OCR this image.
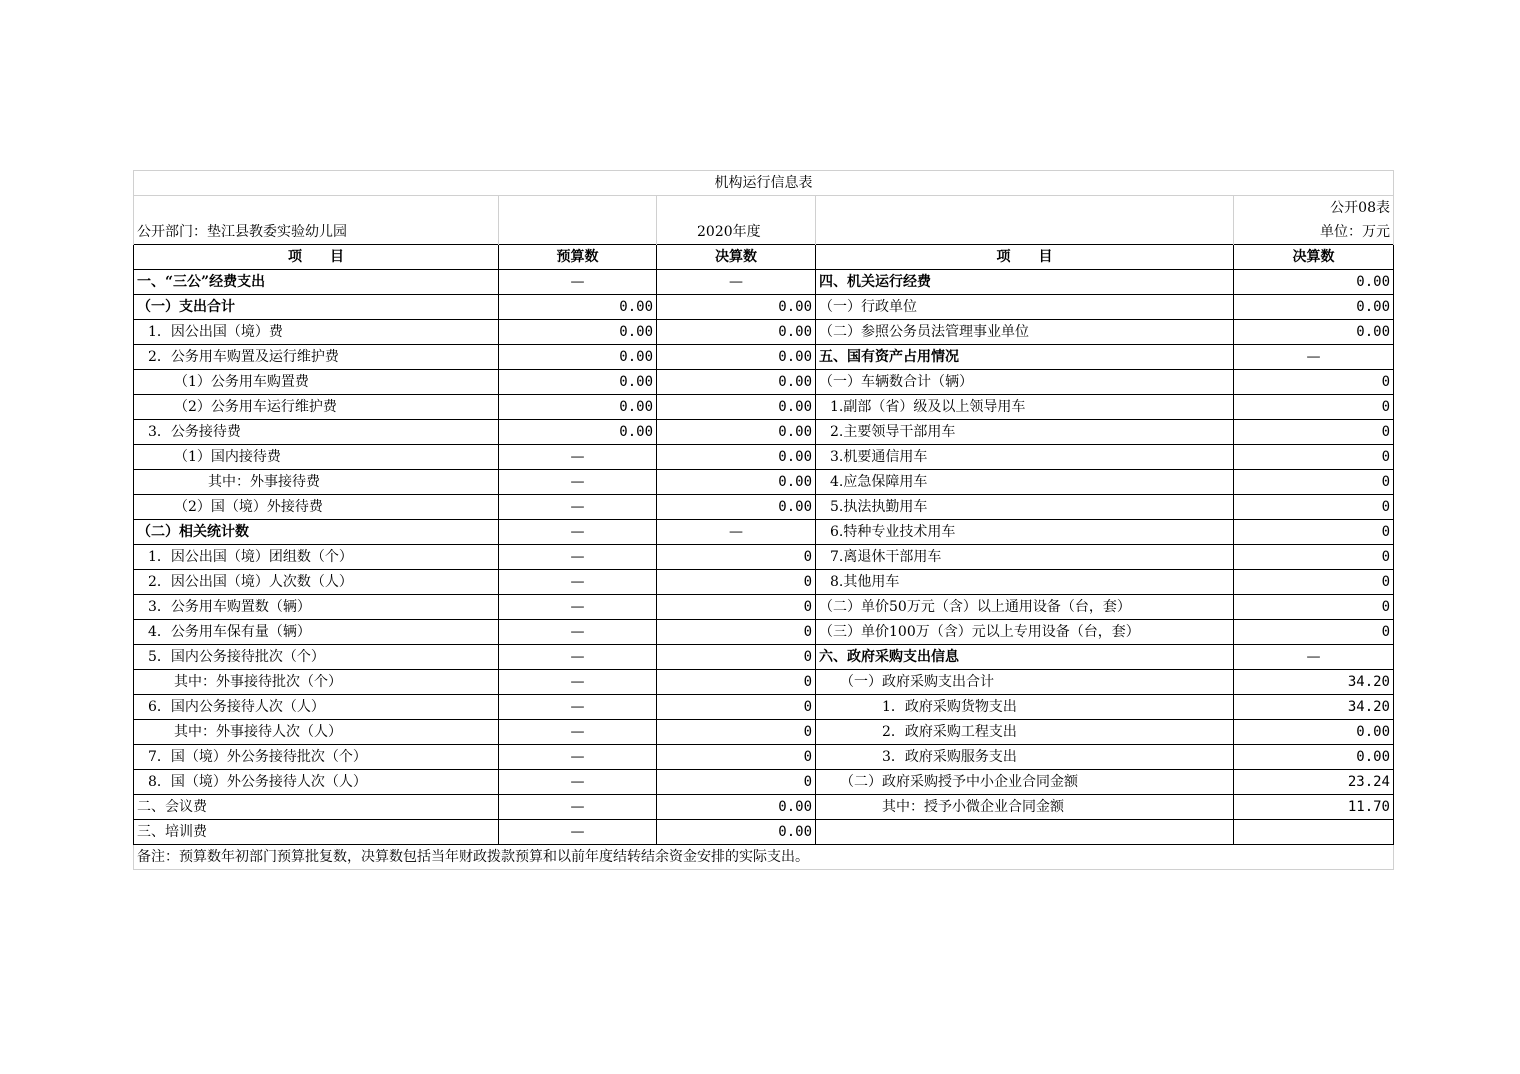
机构运行信息表				
				公开08表
公开部门：垫江县教委实验幼儿园		2020年度		单位：万元
项　　目	预算数	决算数	项　　目	决算数
一、“三公”经费支出	—	—	四、机关运行经费	0.00
（一）支出合计	0.00	0.00	（一）行政单位	0.00
1．因公出国（境）费	0.00	0.00	（二）参照公务员法管理事业单位	0.00
2．公务用车购置及运行维护费	0.00	0.00	五、国有资产占用情况	—
（1）公务用车购置费	0.00	0.00	（一）车辆数合计（辆）	0
（2）公务用车运行维护费	0.00	0.00	1.副部（省）级及以上领导用车	0
3．公务接待费	0.00	0.00	2.主要领导干部用车	0
（1）国内接待费	—	0.00	3.机要通信用车	0
其中：外事接待费	—	0.00	4.应急保障用车	0
（2）国（境）外接待费	—	0.00	5.执法执勤用车	0
（二）相关统计数	—	—	6.特种专业技术用车	0
1．因公出国（境）团组数（个）	—	0	7.离退休干部用车	0
2．因公出国（境）人次数（人）	—	0	8.其他用车	0
3．公务用车购置数（辆）	—	0	（二）单价50万元（含）以上通用设备（台，套）	0
4．公务用车保有量（辆）	—	0	（三）单价100万（含）元以上专用设备（台，套）	0
5．国内公务接待批次（个）	—	0	六、政府采购支出信息	—
其中：外事接待批次（个）	—	0	（一）政府采购支出合计	34.20
6．国内公务接待人次（人）	—	0	1．政府采购货物支出	34.20
其中：外事接待人次（人）	—	0	2．政府采购工程支出	0.00
7．国（境）外公务接待批次（个）	—	0	3．政府采购服务支出	0.00
8．国（境）外公务接待人次（人）	—	0	（二）政府采购授予中小企业合同金额	23.24
二、会议费	—	0.00	其中：授予小微企业合同金额	11.70
三、培训费	—	0.00		
备注：预算数年初部门预算批复数，决算数包括当年财政拨款预算和以前年度结转结余资金安排的实际支出。				
